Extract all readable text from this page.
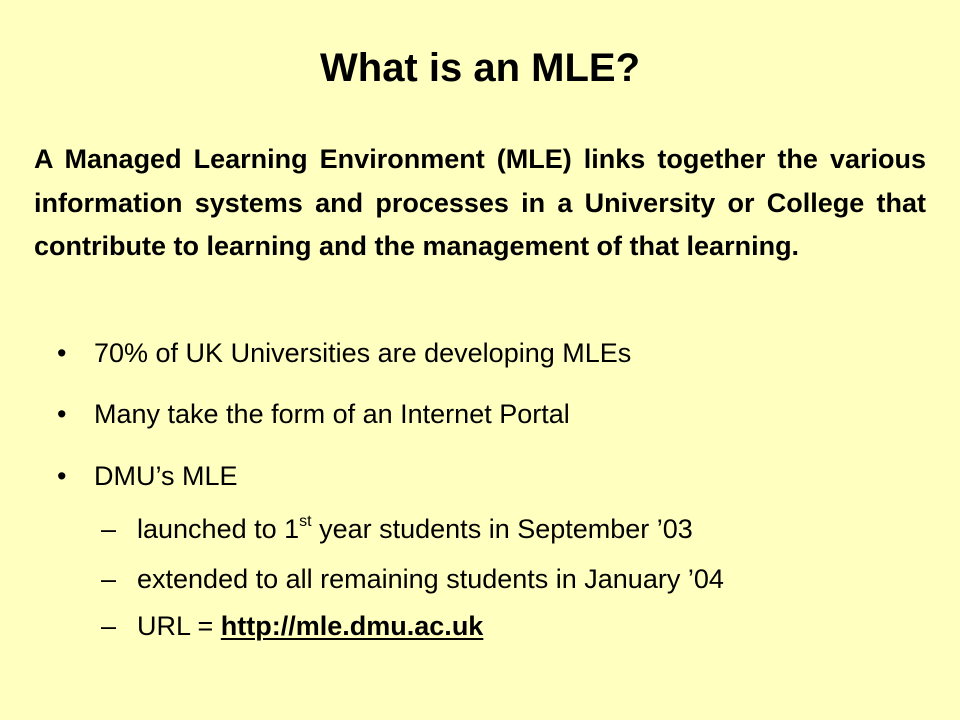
What is an MLE?

A Managed Learning Environment (MLE) links together the various information systems and processes in a University or College that contribute to learning and the management of that learning.

• 70% of UK Universities are developing MLEs
• Many take the form of an Internet Portal
• DMU’s MLE
– launched to 1st year students in September ’03
– extended to all remaining students in January ’04
– URL = http://mle.dmu.ac.uk
